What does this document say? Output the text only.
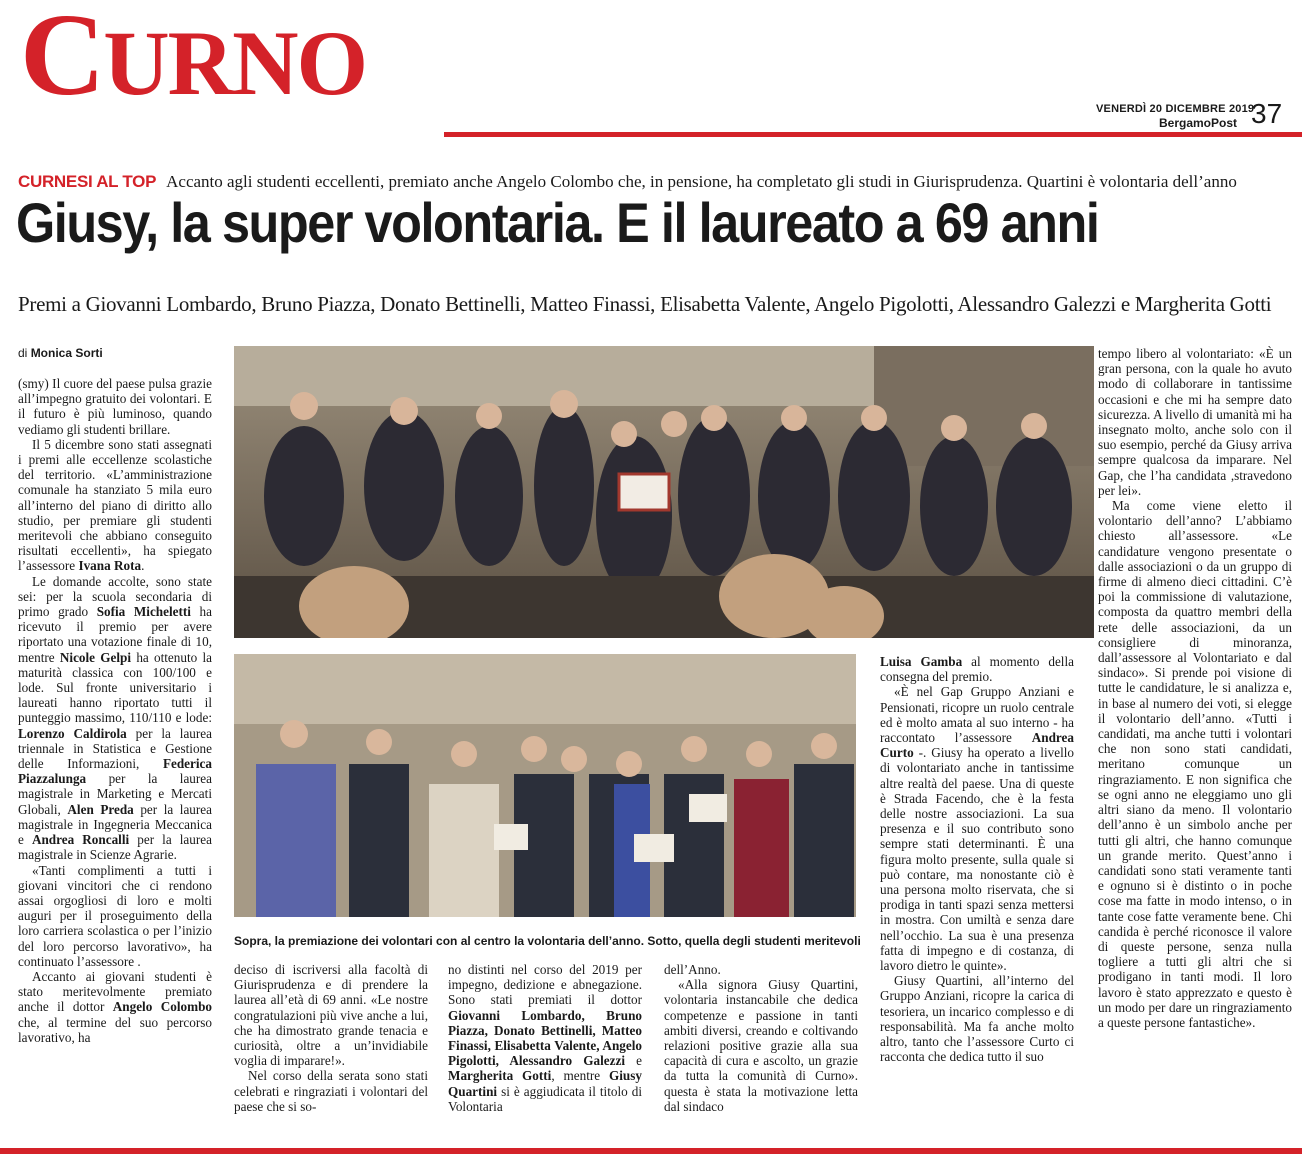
CURNO	VENERDÌ 20 DICEMBRE 2019
BergamoPost 37
CURNESI AL TOP Accanto agli studenti eccellenti, premiato anche Angelo Colombo che, in pensione, ha completato gli studi in Giurisprudenza. Quartini è volontaria dell’anno
Giusy, la super volontaria. E il laureato a 69 anni
Premi a Giovanni Lombardo, Bruno Piazza, Donato Bettinelli, Matteo Finassi, Elisabetta Valente, Angelo Pigolotti, Alessandro Galezzi e Margherita Gotti
di Monica Sorti

(smy) Il cuore del paese pulsa grazie all’impegno gratuito dei volontari. E il futuro è più luminoso, quando vediamo gli studenti brillare.

Il 5 dicembre sono stati assegnati i premi alle eccellenze scolastiche del territorio. «L’amministrazione comunale ha stanziato 5 mila euro all’interno del piano di diritto allo studio, per premiare gli studenti meritevoli che abbiano conseguito risultati eccellenti», ha spiegato l’assessore Ivana Rota.

Le domande accolte, sono state sei: per la scuola secondaria di primo grado Sofia Micheletti ha ricevuto il premio per avere riportato una votazione finale di 10, mentre Nicole Gelpi ha ottenuto la maturità classica con 100/100 e lode. Sul fronte universitario i laureati hanno riportato tutti il punteggio massimo, 110/110 e lode: Lorenzo Caldirola per la laurea triennale in Statistica e Gestione delle Informazioni, Federica Piazzalunga per la laurea magistrale in Marketing e Mercati Globali, Alen Preda per la laurea magistrale in Ingegneria Meccanica e Andrea Roncalli per la laurea magistrale in Scienze Agrarie.

«Tanti complimenti a tutti i giovani vincitori che ci rendono assai orgogliosi di loro e molti auguri per il proseguimento della loro carriera scolastica o per l’inizio del loro percorso lavorativo», ha continuato l’assessore .

Accanto ai giovani studenti è stato meritevolmente premiato anche il dottor Angelo Colombo che, al termine del suo percorso lavorativo, ha

Luisa Gamba al momento della consegna del premio.

«È nel Gap Gruppo Anziani e Pensionati, ricopre un ruolo centrale ed è molto amata al suo interno - ha raccontato l’assessore Andrea Curto -. Giusy ha operato a livello di volontariato anche in tantissime altre realtà del paese. Una di queste è Strada Facendo, che è la festa delle nostre associazioni. La sua presenza e il suo contributo sono sempre stati determinanti. È una figura molto presente, sulla quale si può contare, ma nonostante ciò è una persona molto riservata, che si prodiga in tanti spazi senza mettersi in mostra. Con umiltà e senza dare nell’occhio. La sua è una presenza fatta di impegno e di costanza, di lavoro dietro le quinte».

Giusy Quartini, all’interno del Gruppo Anziani, ricopre la carica di tesoriera, un incarico complesso e di responsabilità. Ma fa anche molto altro, tanto che l’assessore Curto ci racconta che dedica tutto il suo

Sopra, la premiazione dei volontari con al centro la volontaria dell’anno. Sotto, quella degli studenti meritevoli

deciso di iscriversi alla facoltà di Giurisprudenza e di prendere la laurea all’età di 69 anni. «Le nostre congratulazioni più vive anche a lui, che ha dimostrato grande tenacia e curiosità, oltre a un’invidiabile voglia di imparare!».

Nel corso della serata sono stati celebrati e ringraziati i volontari del paese che si so-

no distinti nel corso del 2019 per impegno, dedizione e abnegazione. Sono stati premiati il dottor Giovanni Lombardo, Bruno Piazza, Donato Bettinelli, Matteo Finassi, Elisabetta Valente, Angelo Pigolotti, Alessandro Galezzi e Margherita Gotti, mentre Giusy Quartini si è aggiudicata il titolo di Volontaria

dell’Anno.

«Alla signora Giusy Quartini, volontaria instancabile che dedica competenze e passione in tanti ambiti diversi, creando e coltivando relazioni positive grazie alla sua capacità di cura e ascolto, un grazie da tutta la comunità di Curno». questa è stata la motivazione letta dal sindaco

tempo libero al volontariato: «È un gran persona, con la quale ho avuto modo di collaborare in tantissime occasioni e che mi ha sempre dato sicurezza. A livello di umanità mi ha insegnato molto, anche solo con il suo esempio, perché da Giusy arriva sempre qualcosa da imparare. Nel Gap, che l’ha candidata ,stravedono per lei».

Ma come viene eletto il volontario dell’anno? L’abbiamo chiesto all’assessore. «Le candidature vengono presentate o dalle associazioni o da un gruppo di firme di almeno dieci cittadini. C’è poi la commissione di valutazione, composta da quattro membri della rete delle associazioni, da un consigliere di minoranza, dall’assessore al Volontariato e dal sindaco». Si prende poi visione di tutte le candidature, le si analizza e, in base al numero dei voti, si elegge il volontario dell’anno. «Tutti i candidati, ma anche tutti i volontari che non sono stati candidati, meritano comunque un ringraziamento. E non significa che se ogni anno ne eleggiamo uno gli altri siano da meno. Il volontario dell’anno è un simbolo anche per tutti gli altri, che hanno comunque un grande merito. Quest’anno i candidati sono stati veramente tanti e ognuno si è distinto o in poche cose ma fatte in modo intenso, o in tante cose fatte veramente bene. Chi candida è perché riconosce il valore di queste persone, senza nulla togliere a tutti gli altri che si prodigano in tanti modi. Il loro lavoro è stato apprezzato e questo è un modo per dare un ringraziamento a queste persone fantastiche».
